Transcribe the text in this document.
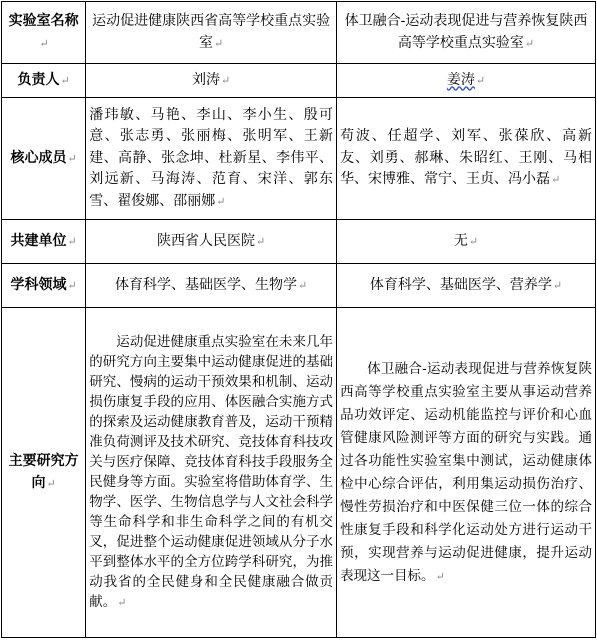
实验室名称↵	运动促进健康陕西省高等学校重点实验室↵	体卫融合-运动表现促进与营养恢复陕西高等学校重点实验室↵
负责人↵	刘涛↵	姜涛↵
核心成员↵	潘玮敏、马艳、李山、李小生、殷可意、张志勇、张丽梅、张明军、王新建、高静、张念坤、杜新星、李伟平、刘远新、马海涛、范育、宋洋、郭东雪、翟俊娜、邵丽娜↵	苟波、任超学、刘军、张葆欣、高新友、刘勇、郝琳、朱昭红、王刚、马相华、宋博雅、常宁、王贞、冯小磊↵
共建单位↵	陕西省人民医院↵	无↵
学科领域↵	体育科学、基础医学、生物学↵	体育科学、基础医学、营养学↵
主要研究方向↵	运动促进健康重点实验室在未来几年的研究方向主要集中运动健康促进的基础研究、慢病的运动干预效果和机制、运动损伤康复手段的应用、体医融合实施方式的探索及运动健康教育普及，运动干预精准负荷测评及技术研究、竞技体育科技攻关与医疗保障、竞技体育科技手段服务全民健身等方面。实验室将借助体育学、生物学、医学、生物信息学与人文社会科学等生命科学和非生命科学之间的有机交叉，促进整个运动健康促进领域从分子水平到整体水平的全方位跨学科研究，为推动我省的全民健身和全民健康融合做贡献。↵	体卫融合-运动表现促进与营养恢复陕西高等学校重点实验室主要从事运动营养品功效评定、运动机能监控与评价和心血管健康风险测评等方面的研究与实践。通过各功能性实验室集中测试，运动健康体检中心综合评估，利用集运动损伤治疗、慢性劳损治疗和中医保健三位一体的综合性康复手段和科学化运动处方进行运动干预，实现营养与运动促进健康，提升运动表现这一目标。↵
